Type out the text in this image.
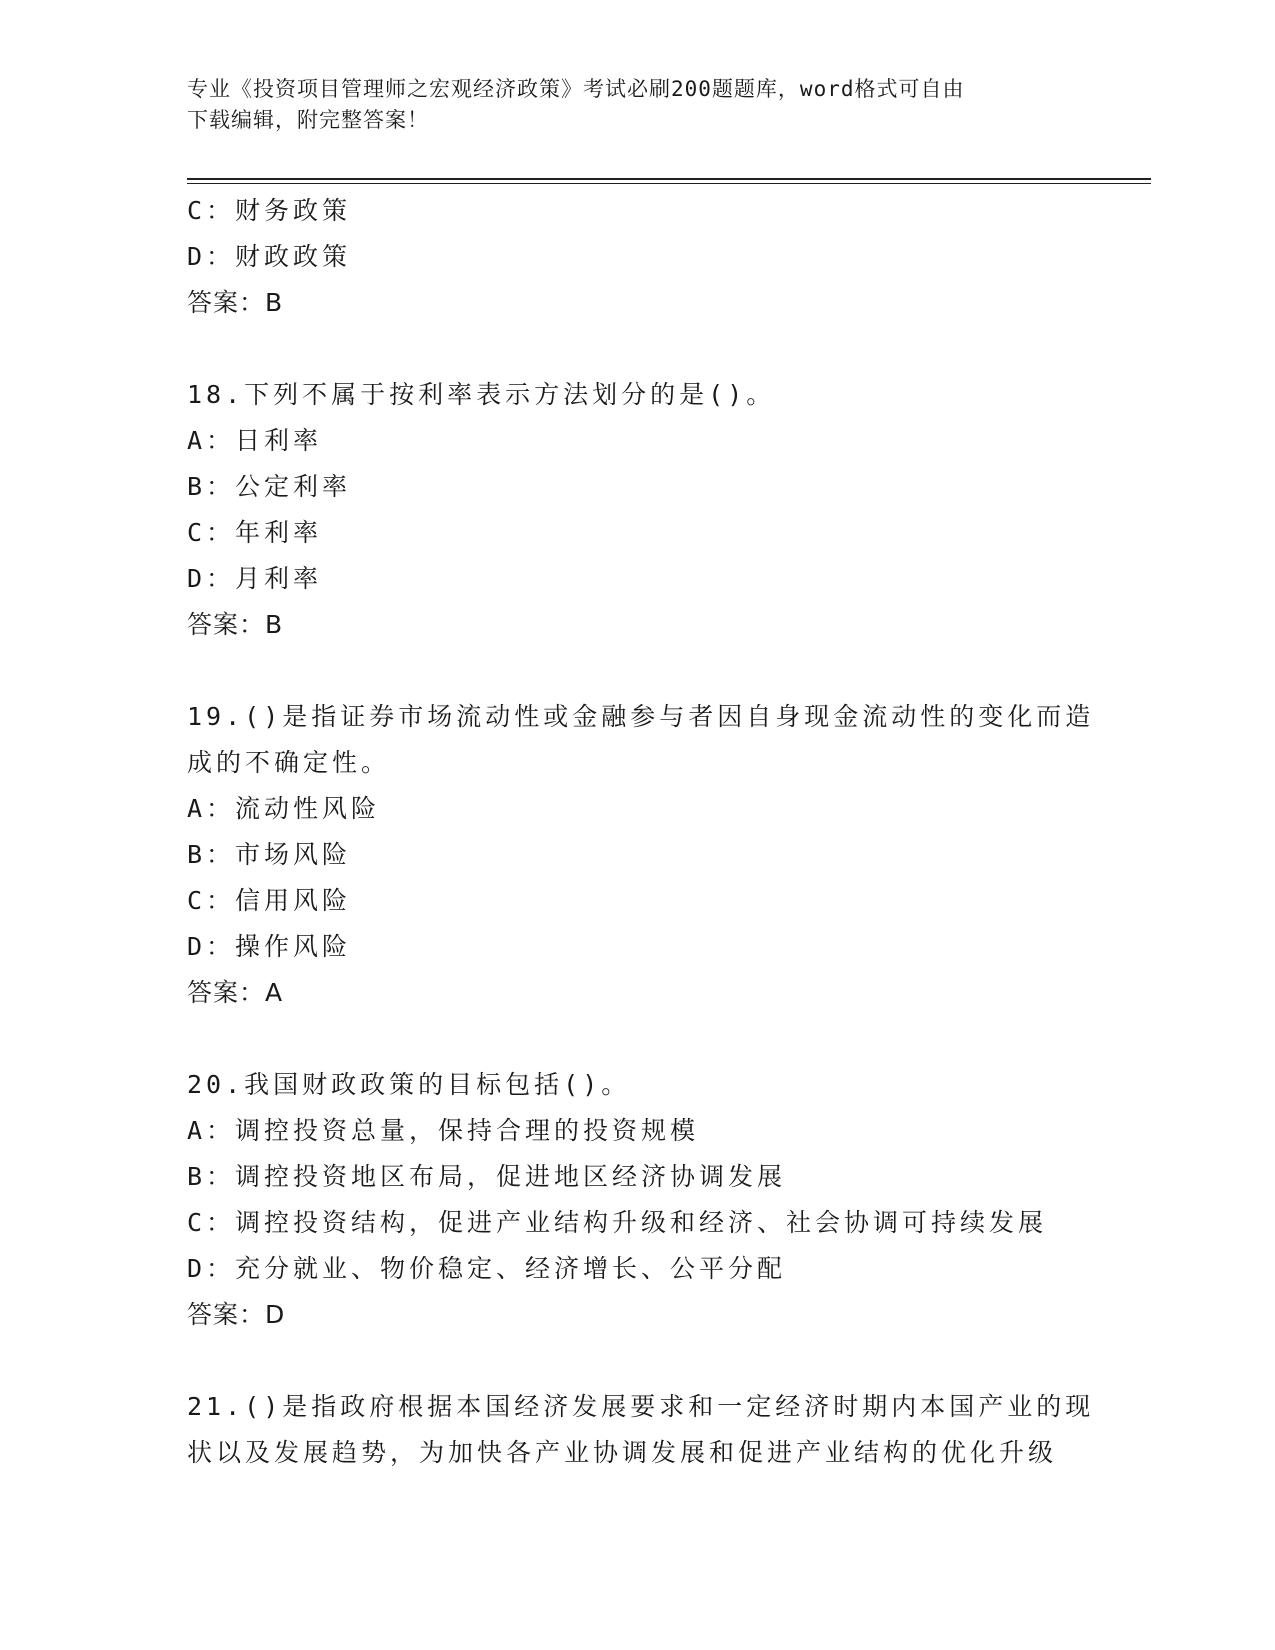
专业《投资项目管理师之宏观经济政策》考试必刷200题题库，word格式可自由
下载编辑，附完整答案！
C：财务政策
D：财政政策
答案：B
18.下列不属于按利率表示方法划分的是()。
A：日利率
B：公定利率
C：年利率
D：月利率
答案：B
19.()是指证券市场流动性或金融参与者因自身现金流动性的变化而造
成的不确定性。
A：流动性风险
B：市场风险
C：信用风险
D：操作风险
答案：A
20.我国财政政策的目标包括()。
A：调控投资总量，保持合理的投资规模
B：调控投资地区布局，促进地区经济协调发展
C：调控投资结构，促进产业结构升级和经济、社会协调可持续发展
D：充分就业、物价稳定、经济增长、公平分配
答案：D
21.()是指政府根据本国经济发展要求和一定经济时期内本国产业的现
状以及发展趋势，为加快各产业协调发展和促进产业结构的优化升级
